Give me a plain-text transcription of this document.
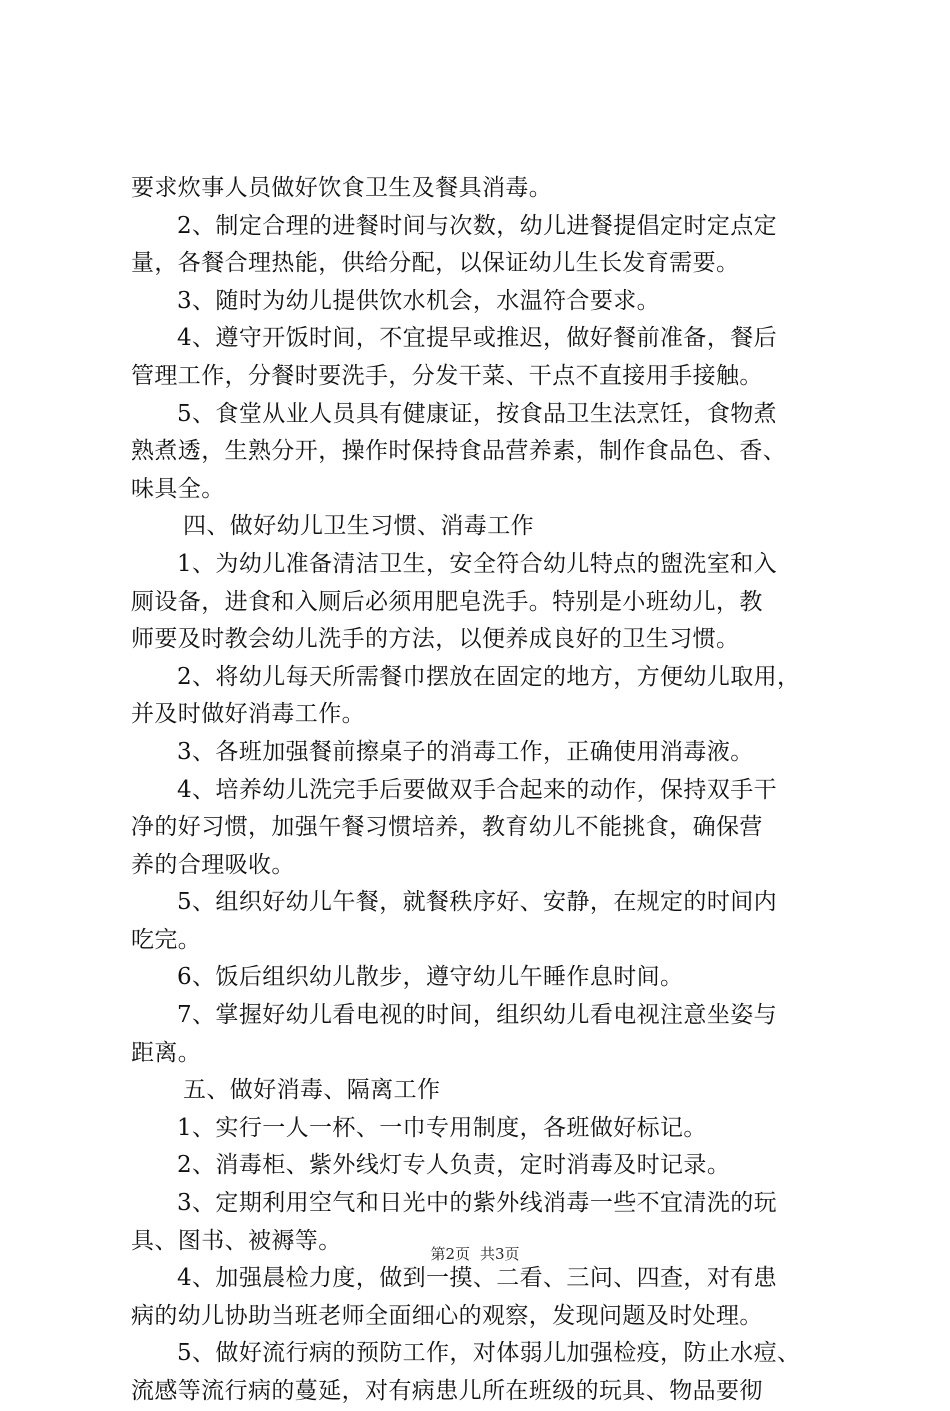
要求炊事人员做好饮食卫生及餐具消毒。
2、制定合理的进餐时间与次数，幼儿进餐提倡定时定点定
量，各餐合理热能，供给分配，以保证幼儿生长发育需要。
3、随时为幼儿提供饮水机会，水温符合要求。
4、遵守开饭时间，不宜提早或推迟，做好餐前准备，餐后
管理工作，分餐时要洗手，分发干菜、干点不直接用手接触。
5、食堂从业人员具有健康证，按食品卫生法烹饪，食物煮
熟煮透，生熟分开，操作时保持食品营养素，制作食品色、香、
味具全。
四、做好幼儿卫生习惯、消毒工作
1、为幼儿准备清洁卫生，安全符合幼儿特点的盥洗室和入
厕设备，进食和入厕后必须用肥皂洗手。特别是小班幼儿，教
师要及时教会幼儿洗手的方法，以便养成良好的卫生习惯。
2、将幼儿每天所需餐巾摆放在固定的地方，方便幼儿取用，
并及时做好消毒工作。
3、各班加强餐前擦桌子的消毒工作，正确使用消毒液。
4、培养幼儿洗完手后要做双手合起来的动作，保持双手干
净的好习惯，加强午餐习惯培养，教育幼儿不能挑食，确保营
养的合理吸收。
5、组织好幼儿午餐，就餐秩序好、安静，在规定的时间内
吃完。
6、饭后组织幼儿散步，遵守幼儿午睡作息时间。
7、掌握好幼儿看电视的时间，组织幼儿看电视注意坐姿与
距离。
五、做好消毒、隔离工作
1、实行一人一杯、一巾专用制度，各班做好标记。
2、消毒柜、紫外线灯专人负责，定时消毒及时记录。
3、定期利用空气和日光中的紫外线消毒一些不宜清洗的玩
具、图书、被褥等。
4、加强晨检力度，做到一摸、二看、三问、四查，对有患
病的幼儿协助当班老师全面细心的观察，发现问题及时处理。
5、做好流行病的预防工作，对体弱儿加强检疫，防止水痘、
流感等流行病的蔓延，对有病患儿所在班级的玩具、物品要彻
第2页 共3页
